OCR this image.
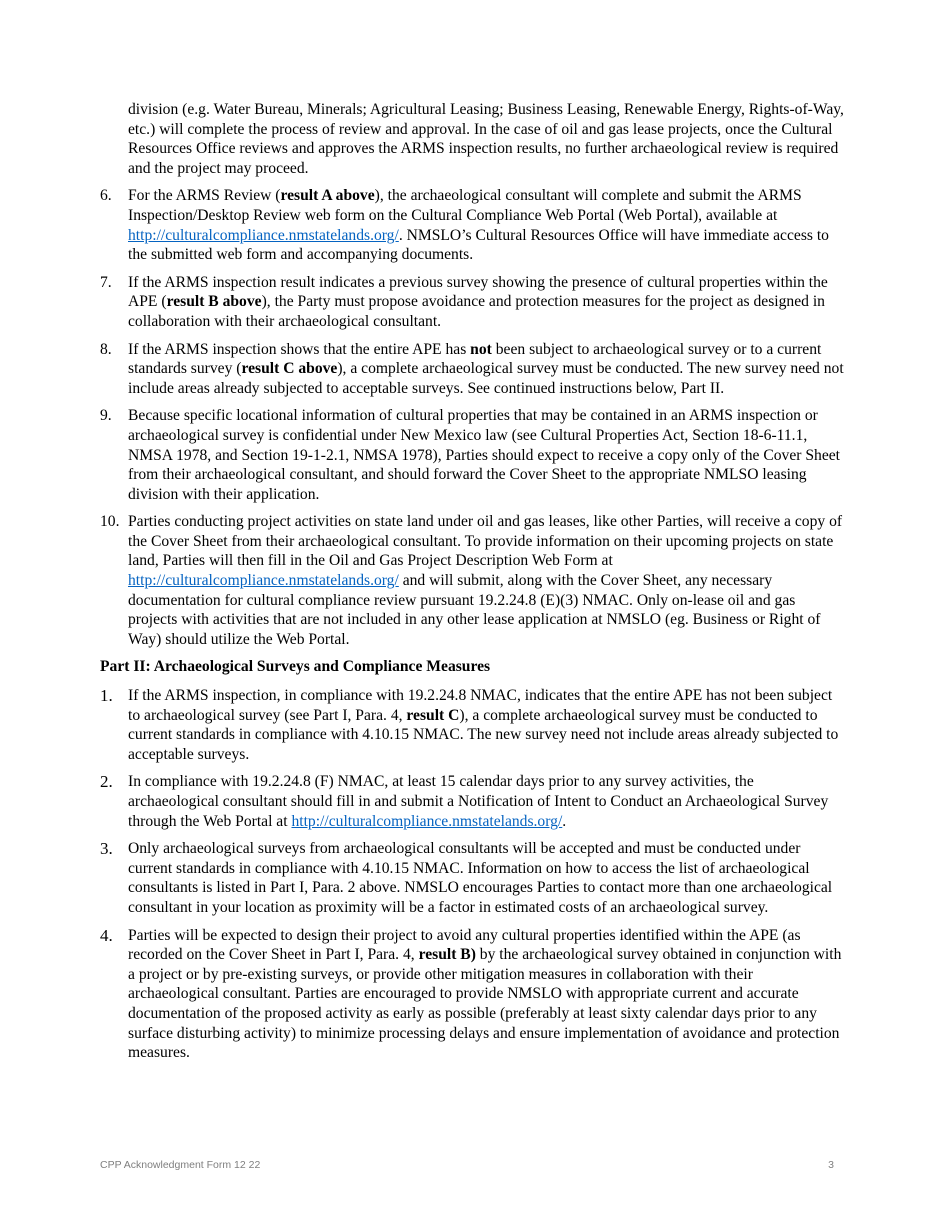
division (e.g. Water Bureau, Minerals; Agricultural Leasing; Business Leasing, Renewable Energy, Rights-of-Way, etc.) will complete the process of review and approval. In the case of oil and gas lease projects, once the Cultural Resources Office reviews and approves the ARMS inspection results, no further archaeological review is required and the project may proceed.
6.	For the ARMS Review (result A above), the archaeological consultant will complete and submit the ARMS Inspection/Desktop Review web form on the Cultural Compliance Web Portal (Web Portal), available at http://culturalcompliance.nmstatelands.org/. NMSLO’s Cultural Resources Office will have immediate access to the submitted web form and accompanying documents.
7.	If the ARMS inspection result indicates a previous survey showing the presence of cultural properties within the APE (result B above), the Party must propose avoidance and protection measures for the project as designed in collaboration with their archaeological consultant.
8.	If the ARMS inspection shows that the entire APE has not been subject to archaeological survey or to a current standards survey (result C above), a complete archaeological survey must be conducted. The new survey need not include areas already subjected to acceptable surveys. See continued instructions below, Part II.
9.	Because specific locational information of cultural properties that may be contained in an ARMS inspection or archaeological survey is confidential under New Mexico law (see Cultural Properties Act, Section 18-6-11.1, NMSA 1978, and Section 19-1-2.1, NMSA 1978), Parties should expect to receive a copy only of the Cover Sheet from their archaeological consultant, and should forward the Cover Sheet to the appropriate NMLSO leasing division with their application.
10. Parties conducting project activities on state land under oil and gas leases, like other Parties, will receive a copy of the Cover Sheet from their archaeological consultant. To provide information on their upcoming projects on state land, Parties will then fill in the Oil and Gas Project Description Web Form at http://culturalcompliance.nmstatelands.org/ and will submit, along with the Cover Sheet, any necessary documentation for cultural compliance review pursuant 19.2.24.8 (E)(3) NMAC. Only on-lease oil and gas projects with activities that are not included in any other lease application at NMSLO (eg. Business or Right of Way) should utilize the Web Portal.
Part II: Archaeological Surveys and Compliance Measures
1. If the ARMS inspection, in compliance with 19.2.24.8 NMAC, indicates that the entire APE has not been subject to archaeological survey (see Part I, Para. 4, result C), a complete archaeological survey must be conducted to current standards in compliance with 4.10.15 NMAC. The new survey need not include areas already subjected to acceptable surveys.
2. In compliance with 19.2.24.8 (F) NMAC, at least 15 calendar days prior to any survey activities, the archaeological consultant should fill in and submit a Notification of Intent to Conduct an Archaeological Survey through the Web Portal at http://culturalcompliance.nmstatelands.org/.
3. Only archaeological surveys from archaeological consultants will be accepted and must be conducted under current standards in compliance with 4.10.15 NMAC. Information on how to access the list of archaeological consultants is listed in Part I, Para. 2 above. NMSLO encourages Parties to contact more than one archaeological consultant in your location as proximity will be a factor in estimated costs of an archaeological survey.
4. Parties will be expected to design their project to avoid any cultural properties identified within the APE (as recorded on the Cover Sheet in Part I, Para. 4, result B) by the archaeological survey obtained in conjunction with a project or by pre-existing surveys, or provide other mitigation measures in collaboration with their archaeological consultant. Parties are encouraged to provide NMSLO with appropriate current and accurate documentation of the proposed activity as early as possible (preferably at least sixty calendar days prior to any surface disturbing activity) to minimize processing delays and ensure implementation of avoidance and protection measures.
CPP Acknowledgment Form 12 22	3
